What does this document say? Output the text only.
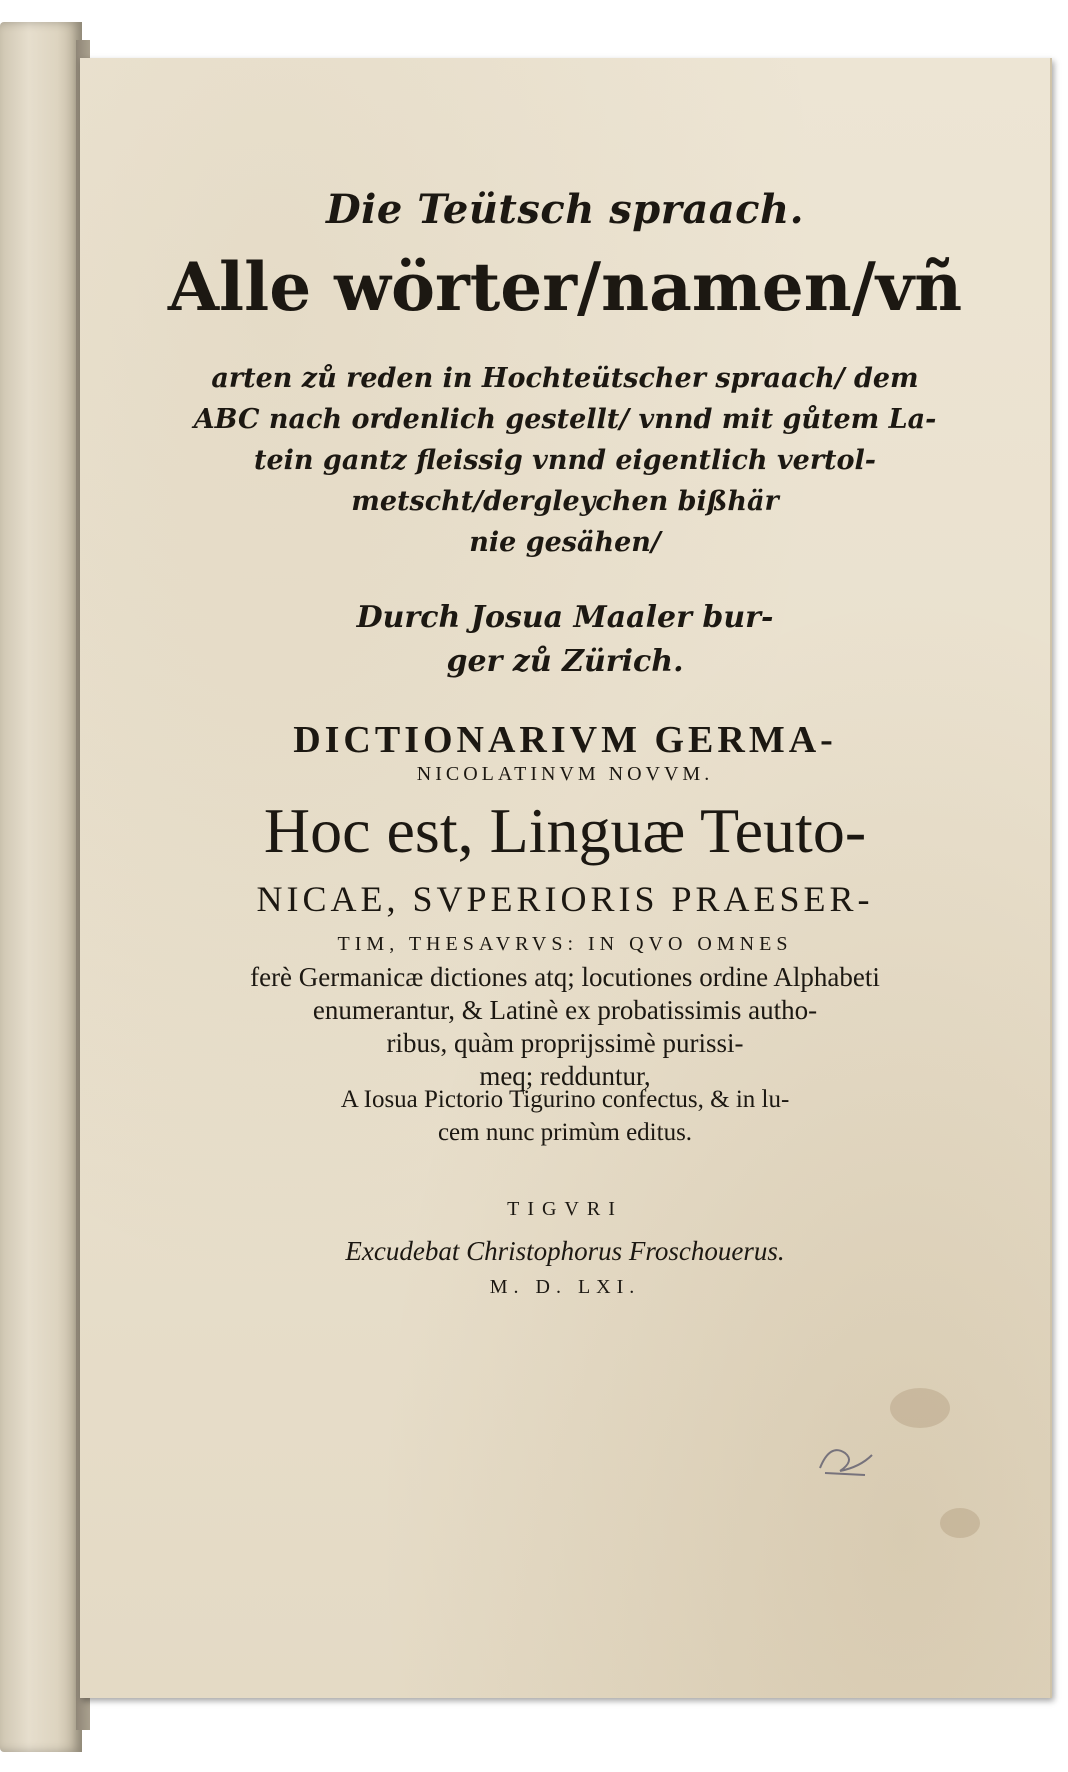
Die Teütsch spraach.
Alle wörter/namen/vñ
arten zů reden in Hochteütscher spraach/ dem
ABC nach ordenlich gestellt/ vnnd mit gůtem La-
tein gantz fleissig vnnd eigentlich vertol-
metscht/dergleychen bißhär
nie gesähen/
Durch Josua Maaler bur-
ger zů Zürich.
DICTIONARIVM GERMA-
NICOLATINVM NOVVM.
Hoc est, Linguæ Teuto-
NICAE, SVPERIORIS PRAESER-
TIM, THESAVRVS: IN QVO OMNES
ferè Germanicæ dictiones atq; locutiones ordine Alphabeti
enumerantur, & Latinè ex probatissimis autho-
ribus, quàm proprijssimè purissi-
meq; redduntur,
A Iosua Pictorio Tigurino confectus, & in lu-
cem nunc primùm editus.
TIGVRI
Excudebat Christophorus Froschouerus.
M. D. LXI.
